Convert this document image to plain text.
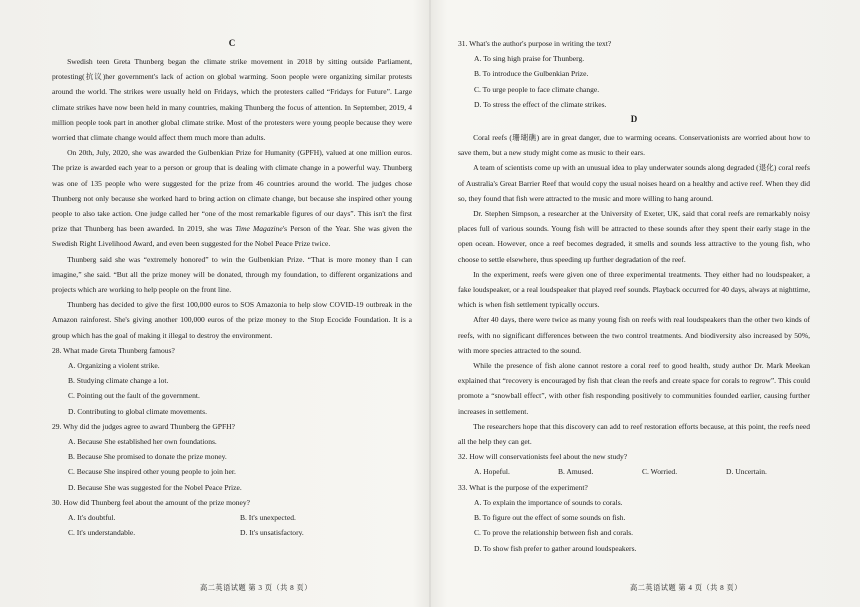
C

Swedish teen Greta Thunberg began the climate strike movement in 2018 by sitting outside Parliament, protesting(抗议)her government's lack of action on global warming. Soon people were organizing similar protests around the world. The strikes were usually held on Fridays, which the protesters called “Fridays for Future”. Large climate strikes have now been held in many countries, making Thunberg the focus of attention. In September, 2019, 4 million people took part in another global climate strike. Most of the protesters were young people because they were worried that climate change would affect them much more than adults.

On 20th, July, 2020, she was awarded the Gulbenkian Prize for Humanity (GPFH), valued at one million euros. The prize is awarded each year to a person or group that is dealing with climate change in a powerful way. Thunberg was one of 135 people who were suggested for the prize from 46 countries around the world. The judges chose Thunberg not only because she worked hard to bring action on climate change, but because she inspired other young people to also take action. One judge called her “one of the most remarkable figures of our days”. This isn't the first prize that Thunberg has been awarded. In 2019, she was Time Magazine's Person of the Year. She was given the Swedish Right Livelihood Award, and even been suggested for the Nobel Peace Prize twice.

Thunberg said she was “extremely honored” to win the Gulbenkian Prize. “That is more money than I can imagine,” she said. “But all the prize money will be donated, through my foundation, to different organizations and projects which are working to help people on the front line.

Thunberg has decided to give the first 100,000 euros to SOS Amazonia to help slow COVID-19 outbreak in the Amazon rainforest. She's giving another 100,000 euros of the prize money to the Stop Ecocide Foundation. It is a group which has the goal of making it illegal to destroy the environment.

28. What made Greta Thunberg famous?
A. Organizing a violent strike.
B. Studying climate change a lot.
C. Pointing out the fault of the government.
D. Contributing to global climate movements.
29. Why did the judges agree to award Thunberg the GPFH?
A. Because She established her own foundations.
B. Because She promised to donate the prize money.
C. Because She inspired other young people to join her.
D. Because She was suggested for the Nobel Peace Prize.
30. How did Thunberg feel about the amount of the prize money?
A. It's doubtful.	B. It's unexpected.
C. It's understandable.	D. It's unsatisfactory.
高二英语试题 第 3 页（共 8 页）
31. What's the author's purpose in writing the text?
A. To sing high praise for Thunberg.
B. To introduce the Gulbenkian Prize.
C. To urge people to face climate change.
D. To stress the effect of the climate strikes.
D

Coral reefs (珊瑚礁) are in great danger, due to warming oceans. Conservationists are worried about how to save them, but a new study might come as music to their ears.

A team of scientists come up with an unusual idea to play underwater sounds along degraded (退化) coral reefs of Australia's Great Barrier Reef that would copy the usual noises heard on a healthy and active reef. When they did so, they found that fish were attracted to the music and more willing to hang around.

Dr. Stephen Simpson, a researcher at the University of Exeter, UK, said that coral reefs are remarkably noisy places full of various sounds. Young fish will be attracted to these sounds after they spent their early stage in the open ocean. However, once a reef becomes degraded, it smells and sounds less attractive to the young fish, who choose to settle elsewhere, thus speeding up further degradation of the reef.

In the experiment, reefs were given one of three experimental treatments. They either had no loudspeaker, a fake loudspeaker, or a real loudspeaker that played reef sounds. Playback occurred for 40 days, always at nighttime, which is when fish settlement typically occurs.

After 40 days, there were twice as many young fish on reefs with real loudspeakers than the other two kinds of reefs, with no significant differences between the two control treatments. And biodiversity also increased by 50%, with more species attracted to the sound.

While the presence of fish alone cannot restore a coral reef to good health, study author Dr. Mark Meekan explained that “recovery is encouraged by fish that clean the reefs and create space for corals to regrow”. This could promote a “snowball effect”, with other fish responding positively to communities founded earlier, causing further increases in settlement.

The researchers hope that this discovery can add to reef restoration efforts because, at this point, the reefs need all the help they can get.

32. How will conservationists feel about the new study?
A. Hopeful.	B. Amused.	C. Worried.	D. Uncertain.
33. What is the purpose of the experiment?
A. To explain the importance of sounds to corals.
B. To figure out the effect of some sounds on fish.
C. To prove the relationship between fish and corals.
D. To show fish prefer to gather around loudspeakers.
高二英语试题 第 4 页（共 8 页）
